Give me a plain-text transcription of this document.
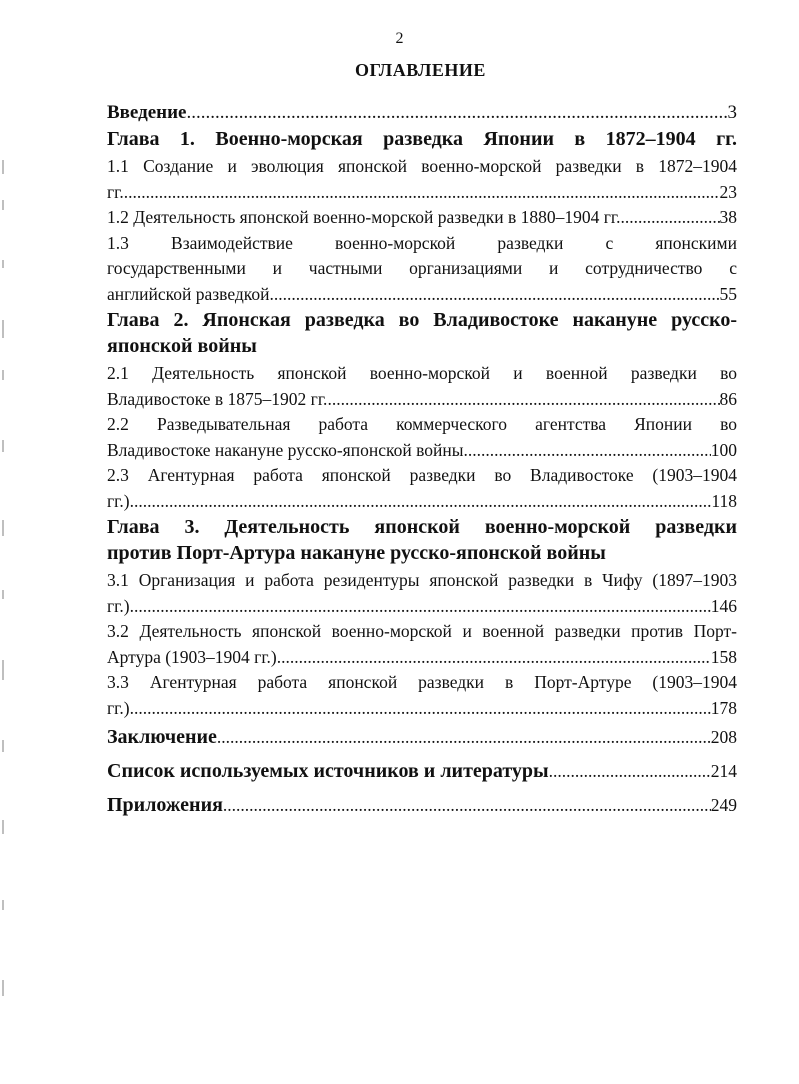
2
ОГЛАВЛЕНИЕ
Введение .....	3
Глава 1. Военно-морская разведка Японии в 1872–1904 гг.
1.1 Создание и эволюция японской военно-морской разведки в 1872–1904
гг. .....	23
1.2 Деятельность японской военно-морской разведки в 1880–1904 гг. .....	38
1.3 Взаимодействие военно-морской разведки с японскими
государственными и частными организациями и сотрудничество с
английской разведкой .....	55
Глава 2. Японская разведка во Владивостоке накануне русско-
японской войны
2.1 Деятельность японской военно-морской и военной разведки во
Владивостоке в 1875–1902 гг. .....	86
2.2 Разведывательная работа коммерческого агентства Японии во
Владивостоке накануне русско-японской войны .....	100
2.3 Агентурная работа японской разведки во Владивостоке (1903–1904
гг.) .....	118
Глава 3. Деятельность японской военно-морской разведки
против Порт-Артура накануне русско-японской войны
3.1 Организация и работа резидентуры японской разведки в Чифу (1897–1903
гг.) .....	146
3.2 Деятельность японской военно-морской и военной разведки против Порт-
Артура (1903–1904 гг.) .....	158
3.3 Агентурная работа японской разведки в Порт-Артуре (1903–1904
гг.) .....	178
Заключение .....	208
Список используемых источников и литературы .....	214
Приложения .....	249
